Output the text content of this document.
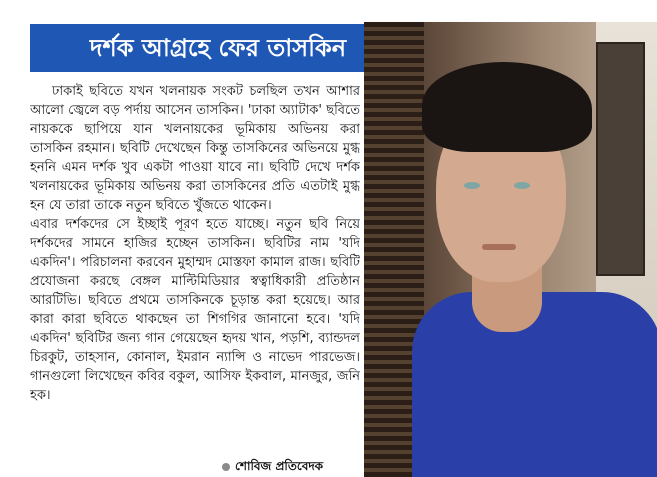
দর্শক আগ্রহে ফের তাসকিন

ঢাকাই ছবিতে যখন খলনায়ক সংকট চলছিল তখন আশার আলো জ্বেলে বড় পর্দায় আসেন তাসকিন। 'ঢাকা অ্যাটাক' ছবিতে নায়ককে ছাপিয়ে যান খলনায়কের ভূমিকায় অভিনয় করা তাসকিন রহমান। ছবিটি দেখেছেন কিন্তু তাসকিনের অভিনয়ে মুগ্ধ হননি এমন দর্শক খুব একটা পাওয়া যাবে না। ছবিটি দেখে দর্শক খলনায়কের ভূমিকায় অভিনয় করা তাসকিনের প্রতি এতটাই মুগ্ধ হন যে তারা তাকে নতুন ছবিতে খুঁজতে থাকেন।

এবার দর্শকদের সে ইচ্ছাই পূরণ হতে যাচ্ছে। নতুন ছবি নিয়ে দর্শকদের সামনে হাজির হচ্ছেন তাসকিন। ছবিটির নাম 'যদি একদিন'। পরিচালনা করবেন মুহাম্মদ মোস্তফা কামাল রাজ। ছবিটি প্রযোজনা করছে বেঙ্গল মাল্টিমিডিয়ার স্বত্বাধিকারী প্রতিষ্ঠান আরটিভি। ছবিতে প্রথমে তাসকিনকে চূড়ান্ত করা হয়েছে। আর কারা কারা ছবিতে থাকছেন তা শিগগির জানানো হবে। 'যদি একদিন' ছবিটির জন্য গান গেয়েছেন হৃদয় খান, পড়শি, ব্যান্ডদল চিরকুট, তাহসান, কোনাল, ইমরান ন্যান্সি ও নাভেদ পারভেজ। গানগুলো লিখেছেন কবির বকুল, আসিফ ইকবাল, মানজুর, জনি হক।

শোবিজ প্রতিবেদক
